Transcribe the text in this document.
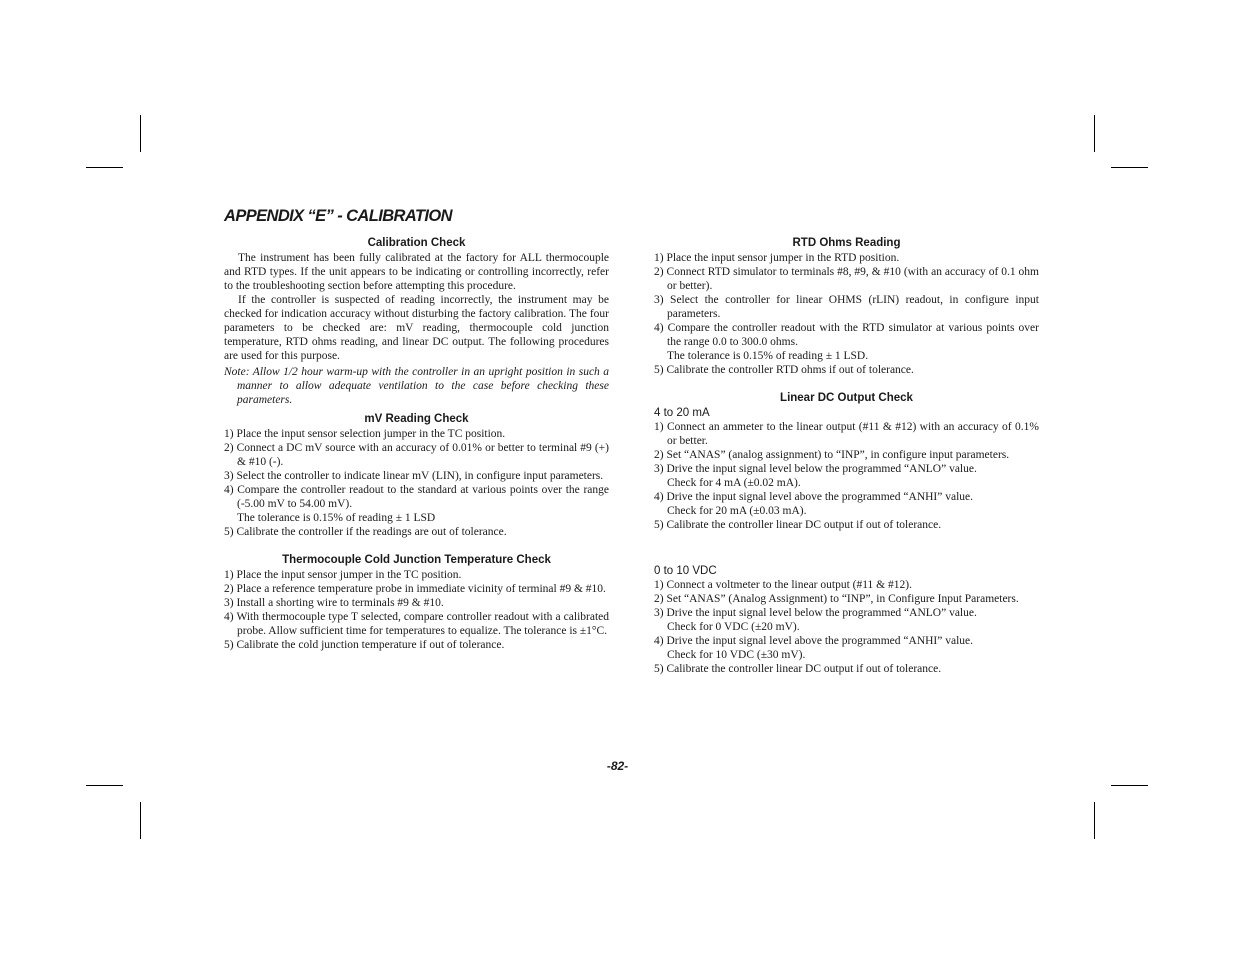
APPENDIX “E” - CALIBRATION
Calibration Check

The instrument has been fully calibrated at the factory for ALL thermocouple and RTD types. If the unit appears to be indicating or controlling incorrectly, refer to the troubleshooting section before attempting this procedure.

If the controller is suspected of reading incorrectly, the instrument may be checked for indication accuracy without disturbing the factory calibration. The four parameters to be checked are: mV reading, thermocouple cold junction temperature, RTD ohms reading, and linear DC output. The following procedures are used for this purpose.

Note: Allow 1/2 hour warm-up with the controller in an upright position in such a manner to allow adequate ventilation to the case before checking these parameters.

mV Reading Check

1) Place the input sensor selection jumper in the TC position.

2) Connect a DC mV source with an accuracy of 0.01% or better to terminal #9 (+) & #10 (-).

3) Select the controller to indicate linear mV (LIN), in configure input parameters.

4) Compare the controller readout to the standard at various points over the range (-5.00 mV to 54.00 mV).

The tolerance is 0.15% of reading ± 1 LSD

5) Calibrate the controller if the readings are out of tolerance.

Thermocouple Cold Junction Temperature Check

1) Place the input sensor jumper in the TC position.

2) Place a reference temperature probe in immediate vicinity of terminal #9 & #10.

3) Install a shorting wire to terminals #9 & #10.

4) With thermocouple type T selected, compare controller readout with a calibrated probe. Allow sufficient time for temperatures to equalize. The tolerance is ±1°C.

5) Calibrate the cold junction temperature if out of tolerance.

RTD Ohms Reading

1) Place the input sensor jumper in the RTD position.

2) Connect RTD simulator to terminals #8, #9, & #10 (with an accuracy of 0.1 ohm or better).

3) Select the controller for linear OHMS (rLIN) readout, in configure input parameters.

4) Compare the controller readout with the RTD simulator at various points over the range 0.0 to 300.0 ohms.

The tolerance is 0.15% of reading ± 1 LSD.

5) Calibrate the controller RTD ohms if out of tolerance.

Linear DC Output Check

4 to 20 mA

1) Connect an ammeter to the linear output (#11 & #12) with an accuracy of 0.1% or better.

2) Set “ANAS” (analog assignment) to “INP”, in configure input parameters.

3) Drive the input signal level below the programmed “ANLO” value.

Check for 4 mA (±0.02 mA).

4) Drive the input signal level above the programmed “ANHI” value.

Check for 20 mA (±0.03 mA).

5) Calibrate the controller linear DC output if out of tolerance.

0 to 10 VDC

1) Connect a voltmeter to the linear output (#11 & #12).

2) Set “ANAS” (Analog Assignment) to “INP”, in Configure Input Parameters.

3) Drive the input signal level below the programmed “ANLO” value.

Check for 0 VDC (±20 mV).

4) Drive the input signal level above the programmed “ANHI” value.

Check for 10 VDC (±30 mV).

5) Calibrate the controller linear DC output if out of tolerance.

-82-
